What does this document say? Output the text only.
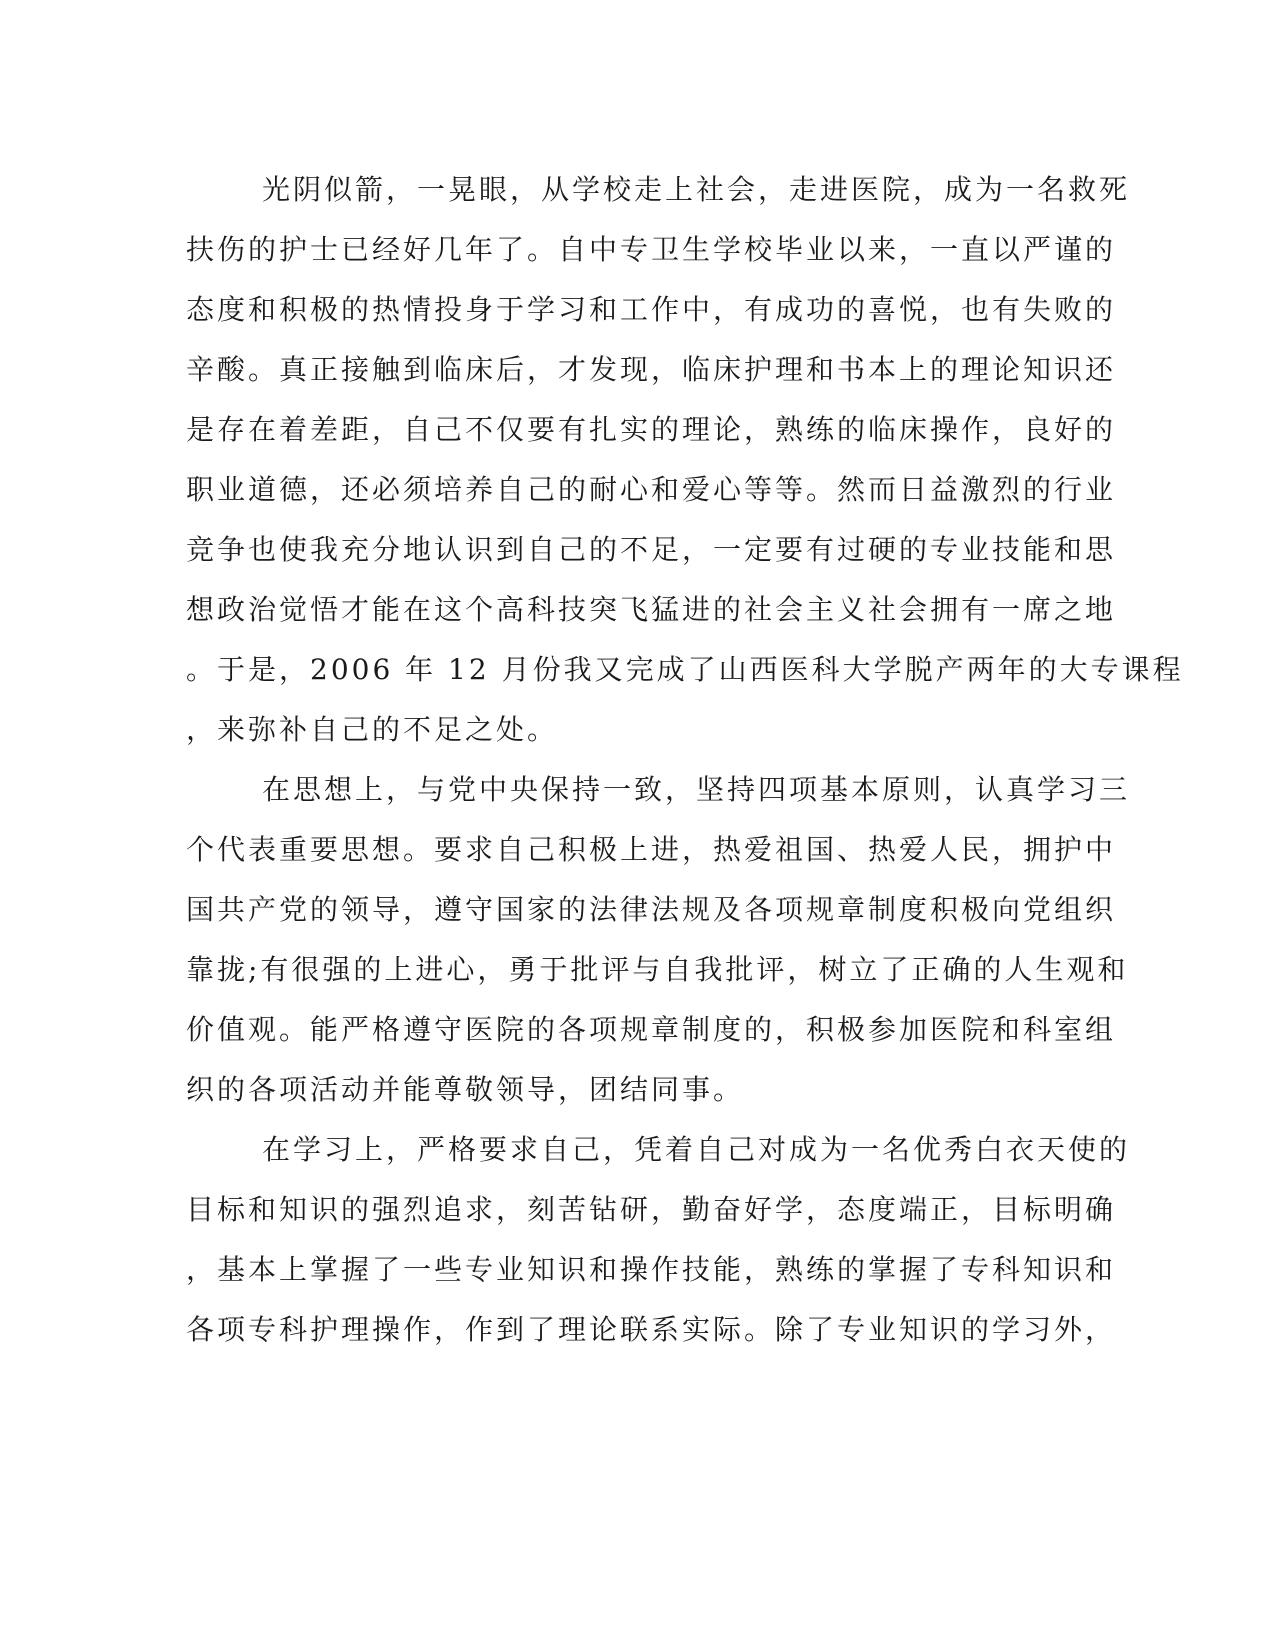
光阴似箭，一晃眼，从学校走上社会，走进医院，成为一名救死
扶伤的护士已经好几年了。自中专卫生学校毕业以来，一直以严谨的
态度和积极的热情投身于学习和工作中，有成功的喜悦，也有失败的
辛酸。真正接触到临床后，才发现，临床护理和书本上的理论知识还
是存在着差距，自己不仅要有扎实的理论，熟练的临床操作，良好的
职业道德，还必须培养自己的耐心和爱心等等。然而日益激烈的行业
竞争也使我充分地认识到自己的不足，一定要有过硬的专业技能和思
想政治觉悟才能在这个高科技突飞猛进的社会主义社会拥有一席之地
。于是，2006 年 12 月份我又完成了山西医科大学脱产两年的大专课程
，来弥补自己的不足之处。
在思想上，与党中央保持一致，坚持四项基本原则，认真学习三
个代表重要思想。要求自己积极上进，热爱祖国、热爱人民，拥护中
国共产党的领导，遵守国家的法律法规及各项规章制度积极向党组织
靠拢;有很强的上进心，勇于批评与自我批评，树立了正确的人生观和
价值观。能严格遵守医院的各项规章制度的，积极参加医院和科室组
织的各项活动并能尊敬领导，团结同事。
在学习上，严格要求自己，凭着自己对成为一名优秀白衣天使的
目标和知识的强烈追求，刻苦钻研，勤奋好学，态度端正，目标明确
，基本上掌握了一些专业知识和操作技能，熟练的掌握了专科知识和
各项专科护理操作，作到了理论联系实际。除了专业知识的学习外，
